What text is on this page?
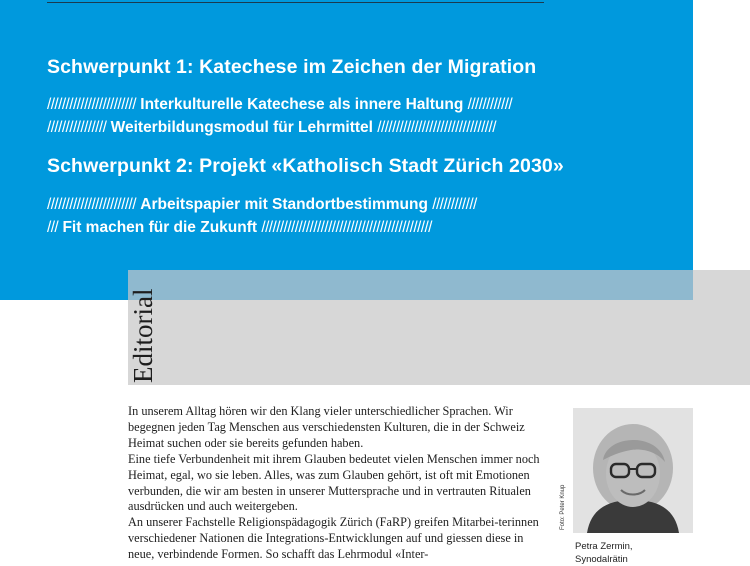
Schwerpunkt 1: Katechese im Zeichen der Migration
//////////////////////// Interkulturelle Katechese als innere Haltung ////////////
//////////////// Weiterbildungsmodul für Lehrmittel ////////////////////////////////
Schwerpunkt 2: Projekt «Katholisch Stadt Zürich 2030»
//////////////////////// Arbeitspapier mit Standortbestimmung ////////////
/// Fit machen für die Zukunft //////////////////////////////////////////////
Editorial

In unserem Alltag hören wir den Klang vieler unterschiedlicher Sprachen. Wir begegnen jeden Tag Menschen aus verschiedensten Kulturen, die in der Schweiz Heimat suchen oder sie bereits gefunden haben.

Eine tiefe Verbundenheit mit ihrem Glauben bedeutet vielen Menschen immer noch Heimat, egal, wo sie leben. Alles, was zum Glauben gehört, ist oft mit Emotionen verbunden, die wir am besten in unserer Muttersprache und in vertrauten Ritualen ausdrücken und auch weitergeben.

An unserer Fachstelle Religionspädagogik Zürich (FaRP) greifen Mitarbei-terinnen verschiedener Nationen die Integrations-Entwicklungen auf und giessen diese in neue, verbindende Formen. So schafft das Lehrmodul «Inter-

Foto: Peter Knup
Petra Zermin,
Synodalrätin
